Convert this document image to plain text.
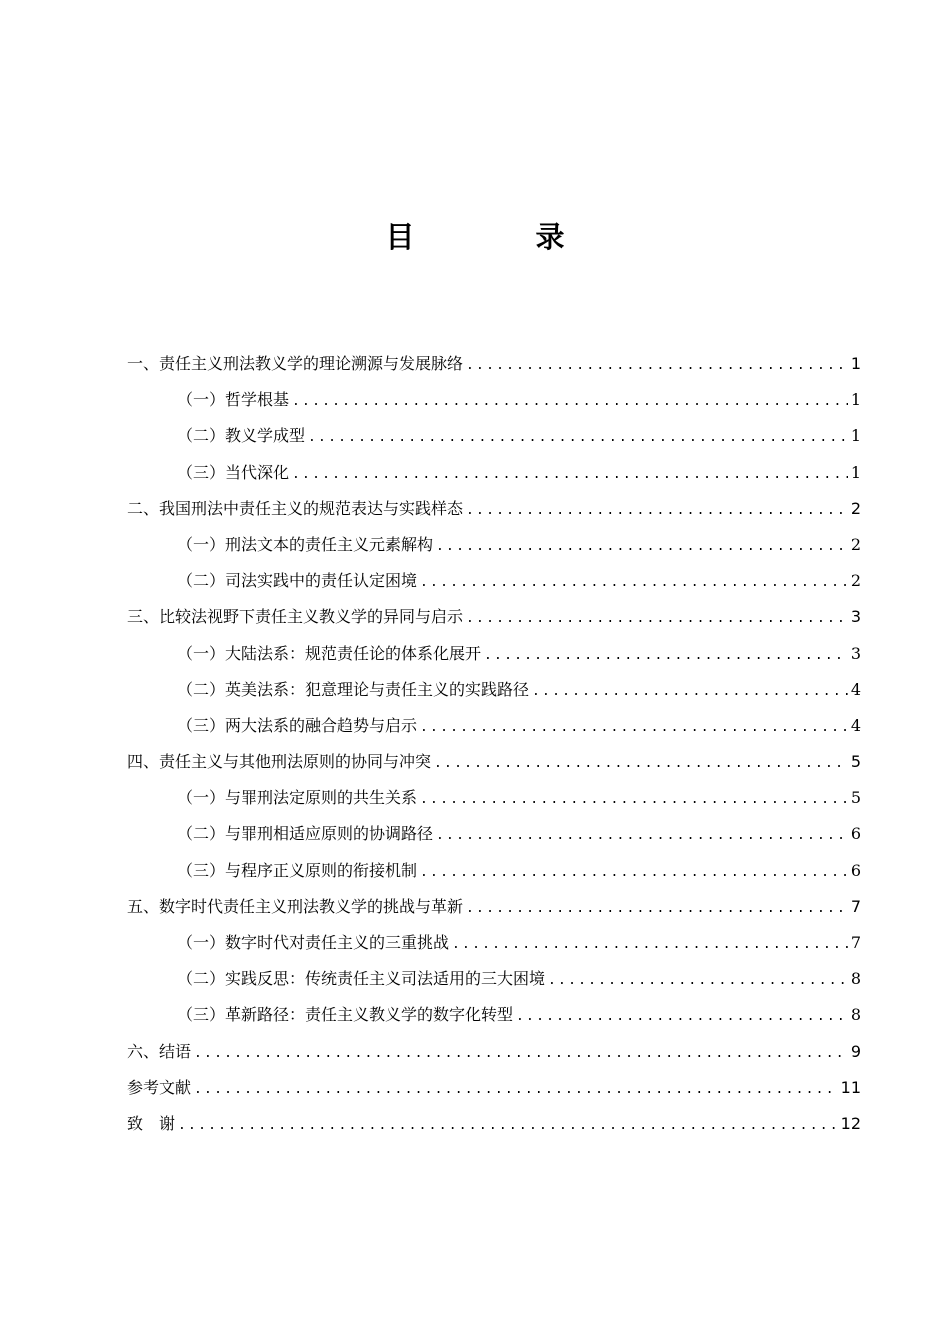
目　录
一、责任主义刑法教义学的理论溯源与发展脉络 .....	1
（一）哲学根基 .....	1
（二）教义学成型 .....	1
（三）当代深化 .....	1
二、我国刑法中责任主义的规范表达与实践样态 .....	2
（一）刑法文本的责任主义元素解构 .....	2
（二）司法实践中的责任认定困境 .....	2
三、比较法视野下责任主义教义学的异同与启示 .....	3
（一）大陆法系：规范责任论的体系化展开 .....	3
（二）英美法系：犯意理论与责任主义的实践路径 .....	4
（三）两大法系的融合趋势与启示 .....	4
四、责任主义与其他刑法原则的协同与冲突 .....	5
（一）与罪刑法定原则的共生关系 .....	5
（二）与罪刑相适应原则的协调路径 .....	6
（三）与程序正义原则的衔接机制 .....	6
五、数字时代责任主义刑法教义学的挑战与革新 .....	7
（一）数字时代对责任主义的三重挑战 .....	7
（二）实践反思：传统责任主义司法适用的三大困境 .....	8
（三）革新路径：责任主义教义学的数字化转型 .....	8
六、结语 .....	9
参考文献 .....	11
致　谢 .....	12
